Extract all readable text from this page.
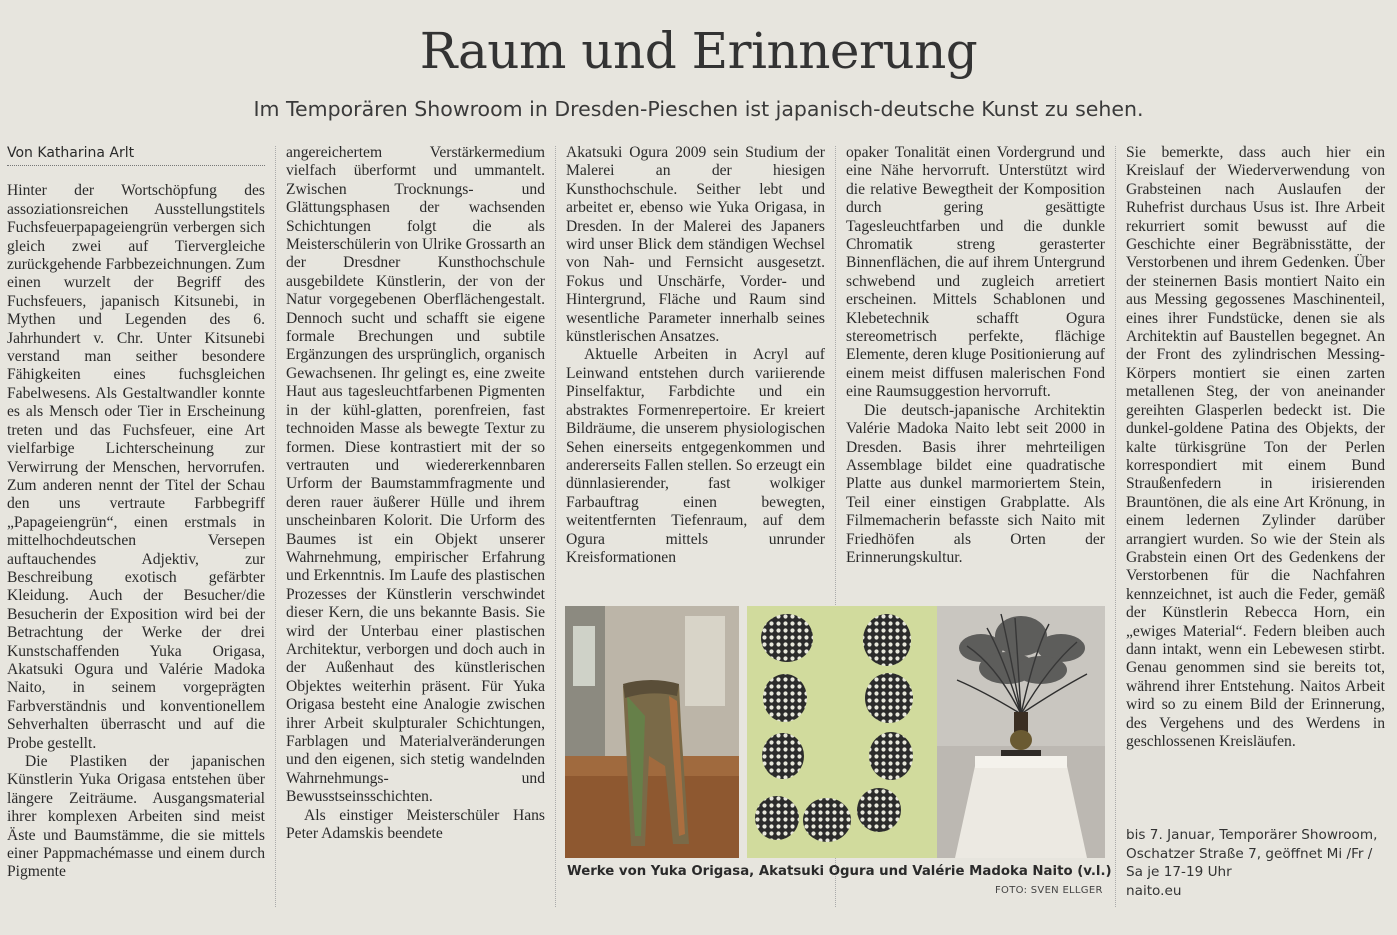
Raum und Erinnerung
Im Temporären Showroom in Dresden-Pieschen ist japanisch-deutsche Kunst zu sehen.
Von Katharina Arlt

Hinter der Wortschöpfung des assoziationsreichen Ausstellungstitels Fuchsfeuerpapageiengrün verbergen sich gleich zwei auf Tiervergleiche zurückgehende Farbbezeichnungen. Zum einen wurzelt der Begriff des Fuchsfeuers, japanisch Kitsunebi, in Mythen und Legenden des 6. Jahrhundert v. Chr. Unter Kitsunebi verstand man seither besondere Fähigkeiten eines fuchsgleichen Fabelwesens. Als Gestaltwandler konnte es als Mensch oder Tier in Erscheinung treten und das Fuchsfeuer, eine Art vielfarbige Lichterscheinung zur Verwirrung der Menschen, hervorrufen. Zum anderen nennt der Titel der Schau den uns vertraute Farbbegriff „Papageiengrün“, einen erstmals in mittelhochdeutschen Versepen auftauchendes Adjektiv, zur Beschreibung exotisch gefärbter Kleidung. Auch der Besucher/die Besucherin der Exposition wird bei der Betrachtung der Werke der drei Kunstschaffenden Yuka Origasa, Akatsuki Ogura und Valérie Madoka Naito, in seinem vorgeprägten Farbverständnis und konventionellem Sehverhalten überrascht und auf die Probe gestellt.

Die Plastiken der japanischen Künstlerin Yuka Origasa entstehen über längere Zeiträume. Ausgangsmaterial ihrer komplexen Arbeiten sind meist Äste und Baumstämme, die sie mittels einer Pappmachémasse und einem durch Pigmente

angereichertem Verstärkermedium vielfach überformt und ummantelt. Zwischen Trocknungs- und Glättungsphasen der wachsenden Schichtungen folgt die als Meisterschülerin von Ulrike Grossarth an der Dresdner Kunsthochschule ausgebildete Künstlerin, der von der Natur vorgegebenen Oberflächengestalt. Dennoch sucht und schafft sie eigene formale Brechungen und subtile Ergänzungen des ursprünglich, organisch Gewachsenen. Ihr gelingt es, eine zweite Haut aus tagesleuchtfarbenen Pigmenten in der kühl-glatten, porenfreien, fast technoiden Masse als bewegte Textur zu formen. Diese kontrastiert mit der so vertrauten und wiedererkennbaren Urform der Baumstammfragmente und deren rauer äußerer Hülle und ihrem unscheinbaren Kolorit. Die Urform des Baumes ist ein Objekt unserer Wahrnehmung, empirischer Erfahrung und Erkenntnis. Im Laufe des plastischen Prozesses der Künstlerin verschwindet dieser Kern, die uns bekannte Basis. Sie wird der Unterbau einer plastischen Architektur, verborgen und doch auch in der Außenhaut des künstlerischen Objektes weiterhin präsent. Für Yuka Origasa besteht eine Analogie zwischen ihrer Arbeit skulpturaler Schichtungen, Farblagen und Materialveränderungen und den eigenen, sich stetig wandelnden Wahrnehmungs- und Bewusstseinsschichten.

Als einstiger Meisterschüler Hans Peter Adamskis beendete

Akatsuki Ogura 2009 sein Studium der Malerei an der hiesigen Kunsthochschule. Seither lebt und arbeitet er, ebenso wie Yuka Origasa, in Dresden. In der Malerei des Japaners wird unser Blick dem ständigen Wechsel von Nah- und Fernsicht ausgesetzt. Fokus und Unschärfe, Vorder- und Hintergrund, Fläche und Raum sind wesentliche Parameter innerhalb seines künstlerischen Ansatzes.

Aktuelle Arbeiten in Acryl auf Leinwand entstehen durch variierende Pinselfaktur, Farbdichte und ein abstraktes Formenrepertoire. Er kreiert Bildräume, die unserem physiologischen Sehen einerseits entgegenkommen und andererseits Fallen stellen. So erzeugt ein dünnlasierender, fast wolkiger Farbauftrag einen bewegten, weitentfernten Tiefenraum, auf dem Ogura mittels unrunder Kreisformationen

opaker Tonalität einen Vordergrund und eine Nähe hervorruft. Unterstützt wird die relative Bewegtheit der Komposition durch gering gesättigte Tagesleuchtfarben und die dunkle Chromatik streng gerasterter Binnenflächen, die auf ihrem Untergrund schwebend und zugleich arretiert erscheinen. Mittels Schablonen und Klebetechnik schafft Ogura stereometrisch perfekte, flächige Elemente, deren kluge Positionierung auf einem meist diffusen malerischen Fond eine Raumsuggestion hervorruft.

Die deutsch-japanische Architektin Valérie Madoka Naito lebt seit 2000 in Dresden. Basis ihrer mehrteiligen Assemblage bildet eine quadratische Platte aus dunkel marmoriertem Stein, Teil einer einstigen Grabplatte. Als Filmemacherin befasste sich Naito mit Friedhöfen als Orten der Erinnerungskultur.

Sie bemerkte, dass auch hier ein Kreislauf der Wiederverwendung von Grabsteinen nach Auslaufen der Ruhefrist durchaus Usus ist. Ihre Arbeit rekurriert somit bewusst auf die Geschichte einer Begräbnisstätte, der Verstorbenen und ihrem Gedenken. Über der steinernen Basis montiert Naito ein aus Messing gegossenes Maschinenteil, eines ihrer Fundstücke, denen sie als Architektin auf Baustellen begegnet. An der Front des zylindrischen Messing-Körpers montiert sie einen zarten metallenen Steg, der von aneinander gereihten Glasperlen bedeckt ist. Die dunkel-goldene Patina des Objekts, der kalte türkisgrüne Ton der Perlen korrespondiert mit einem Bund Straußenfedern in irisierenden Brauntönen, die als eine Art Krönung, in einem ledernen Zylinder darüber arrangiert wurden. So wie der Stein als Grabstein einen Ort des Gedenkens der Verstorbenen für die Nachfahren kennzeichnet, ist auch die Feder, gemäß der Künstlerin Rebecca Horn, ein „ewiges Material“. Federn bleiben auch dann intakt, wenn ein Lebewesen stirbt. Genau genommen sind sie bereits tot, während ihrer Entstehung. Naitos Arbeit wird so zu einem Bild der Erinnerung, des Vergehens und des Werdens in geschlossenen Kreisläufen.

Werke von Yuka Origasa, Akatsuki Ogura und Valérie Madoka Naito (v.l.)
FOTO: SVEN ELLGER
bis 7. Januar, Temporärer Showroom,
Oschatzer Straße 7, geöffnet Mi /Fr /
Sa je 17-19 Uhr
naito.eu
